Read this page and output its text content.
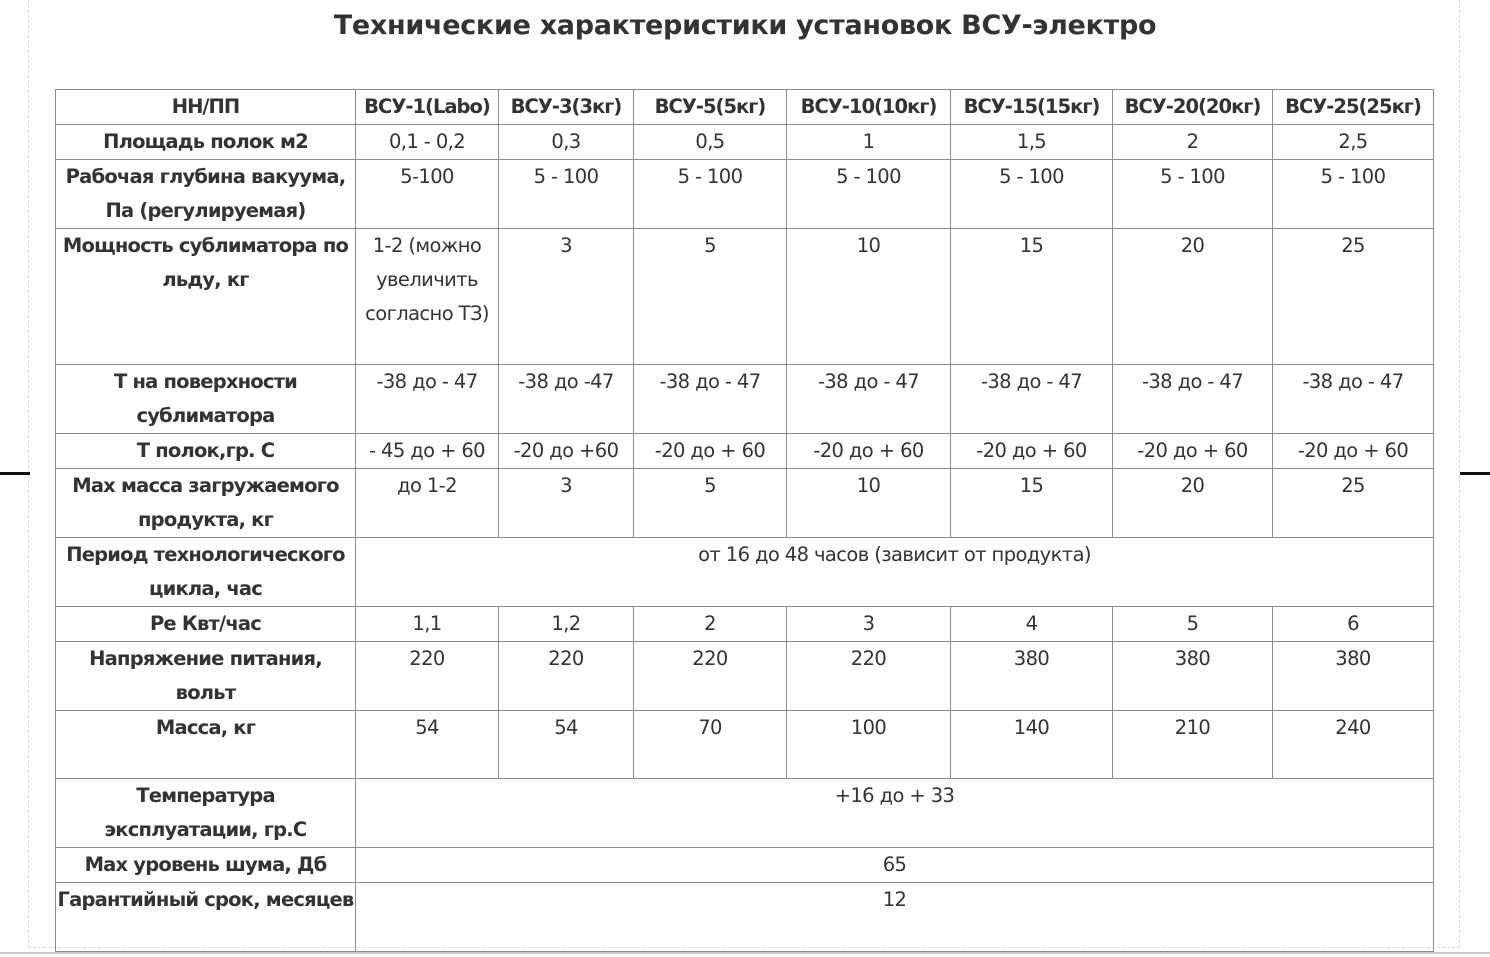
Технические характеристики установок ВСУ-электро
НН/ПП	ВСУ-1(Labo)	ВСУ-3(3кг)	ВСУ-5(5кг)	ВСУ-10(10кг)	ВСУ-15(15кг)	ВСУ-20(20кг)	ВСУ-25(25кг)
Площадь полок м2	0,1 - 0,2	0,3	0,5	1	1,5	2	2,5
Рабочая глубина вакуума, Па (регулируемая)	5-100	5 - 100	5 - 100	5 - 100	5 - 100	5 - 100	5 - 100
Мощность сублиматора по льду, кг	1-2 (можно увеличить согласно ТЗ)	3	5	10	15	20	25
Т на поверхности сублиматора	-38 до - 47	-38 до -47	-38 до - 47	-38 до - 47	-38 до - 47	-38 до - 47	-38 до - 47
Т полок,гр. С	- 45 до + 60	-20 до +60	-20 до + 60	-20 до + 60	-20 до + 60	-20 до + 60	-20 до + 60
Max масса загружаемого продукта, кг	до 1-2	3	5	10	15	20	25
Период технологического цикла, час	от 16 до 48 часов (зависит от продукта)						
Ре Квт/час	1,1	1,2	2	3	4	5	6
Напряжение питания, вольт	220	220	220	220	380	380	380
Масса, кг	54	54	70	100	140	210	240
Температура эксплуатации, гр.С	+16 до + 33						
Max уровень шума, Дб	65						
Гарантийный срок, месяцев	12						
